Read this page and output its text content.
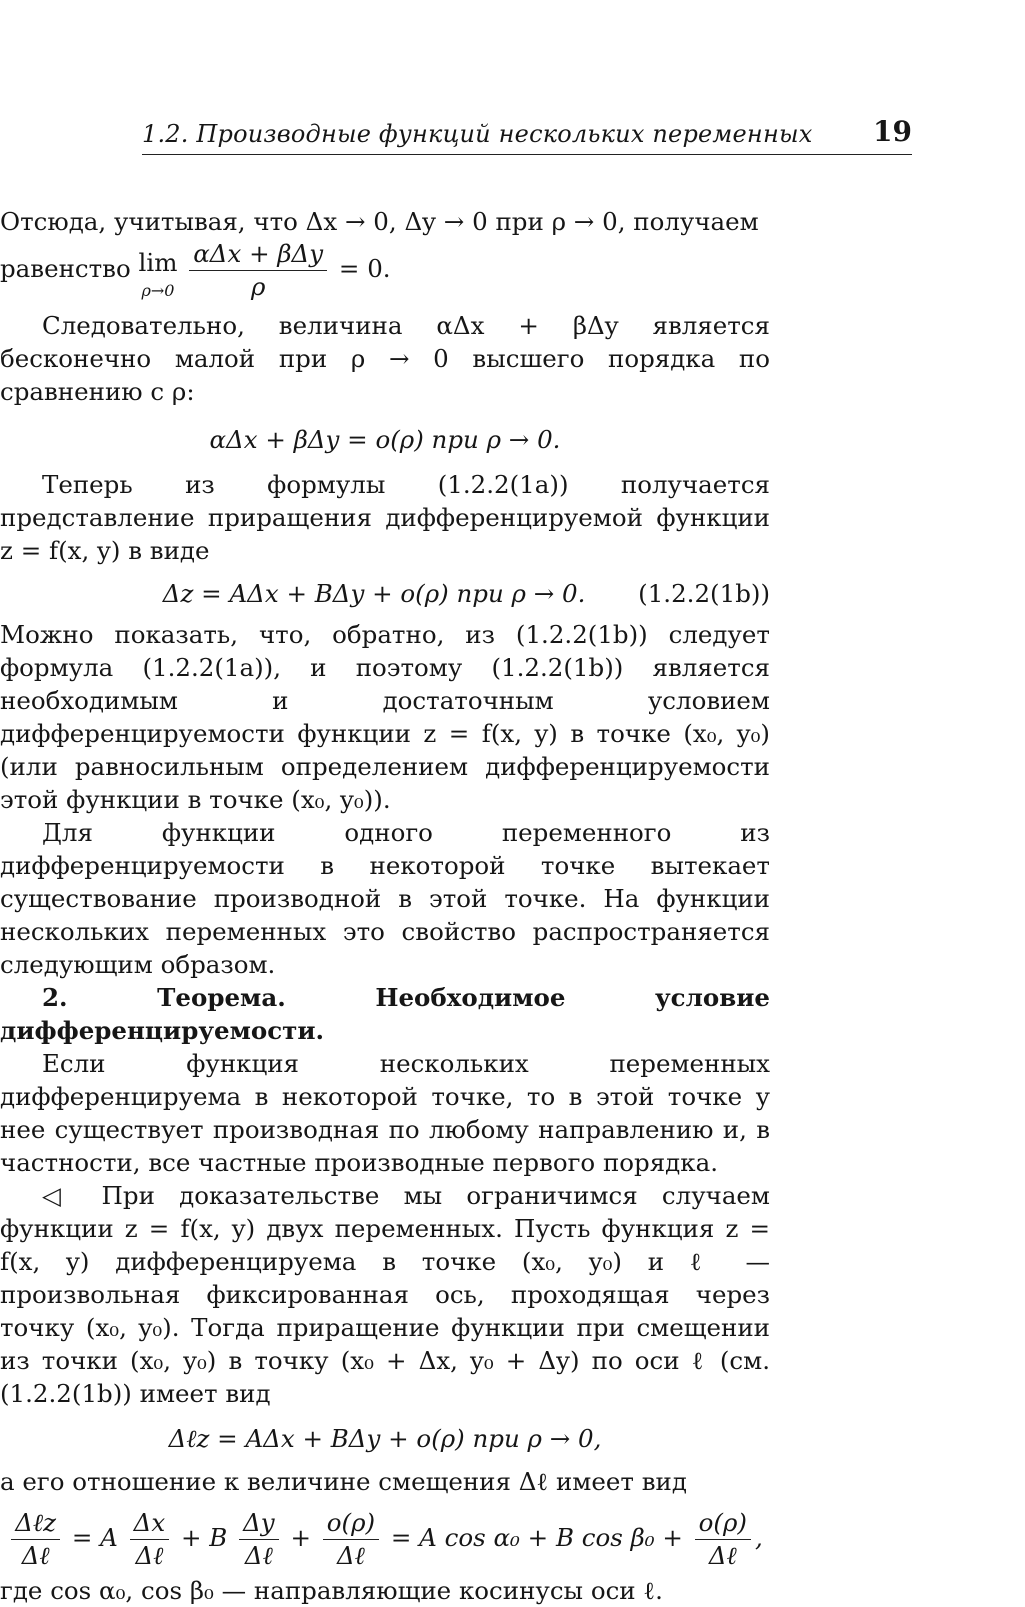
1.2. Производные функций нескольких переменных 19

Отсюда, учитывая, что Δx → 0, Δy → 0 при ρ → 0, получаем

равенство lim
ρ→0
$\frac{\text{αΔx + βΔy}}{\rho} = 0$.

Следовательно, величина αΔx + βΔy является бесконечно малой при ρ → 0 высшего порядка по сравнению с ρ:

αΔx + βΔy = o(ρ) при ρ → 0.

Теперь из формулы (1.2.2(1a)) получается представление приращения дифференцируемой функции z = f(x, y) в виде

Δz = AΔx + BΔy + o(ρ) при ρ → 0. (1.2.2(1b))

Можно показать, что, обратно, из (1.2.2(1b)) следует формула (1.2.2(1a)), и поэтому (1.2.2(1b)) является необходимым и достаточным условием дифференцируемости функции z = f(x, y) в точке (x₀, y₀) (или равносильным определением дифференцируемости этой функции в точке (x₀, y₀)).

Для функции одного переменного из дифференцируемости в некоторой точке вытекает существование производной в этой точке. На функции нескольких переменных это свойство распространяется следующим образом.

2. Теорема. Необходимое условие дифференцируемости.

Если функция нескольких переменных дифференцируема в некоторой точке, то в этой точке у нее существует производная по любому направлению и, в частности, все частные производные первого порядка.

◁ При доказательстве мы ограничимся случаем функции z = f(x, y) двух переменных. Пусть функция z = f(x, y) дифференцируема в точке (x₀, y₀) и ℓ — произвольная фиксированная ось, проходящая через точку (x₀, y₀). Тогда приращение функции при смещении из точки (x₀, y₀) в точку (x₀ + Δx, y₀ + Δy) по оси ℓ (см. (1.2.2(1b)) имеет вид

Δℓz = AΔx + BΔy + o(ρ) при ρ → 0,

а его отношение к величине смещения Δℓ имеет вид

$\frac{\text{Δℓz}}{\text{Δℓ}} = A \frac{\Delta x}{\text{Δℓ}} + B \frac{\Delta y}{\text{Δℓ}} + \frac{o(\rho)}{\text{Δℓ}} = A$ cos α₀ + B $\cos \beta_0 + \frac{o(\rho)}{\text{Δℓ}}$ ,

где cos α₀, cos β₀ — направляющие косинусы оси ℓ.
